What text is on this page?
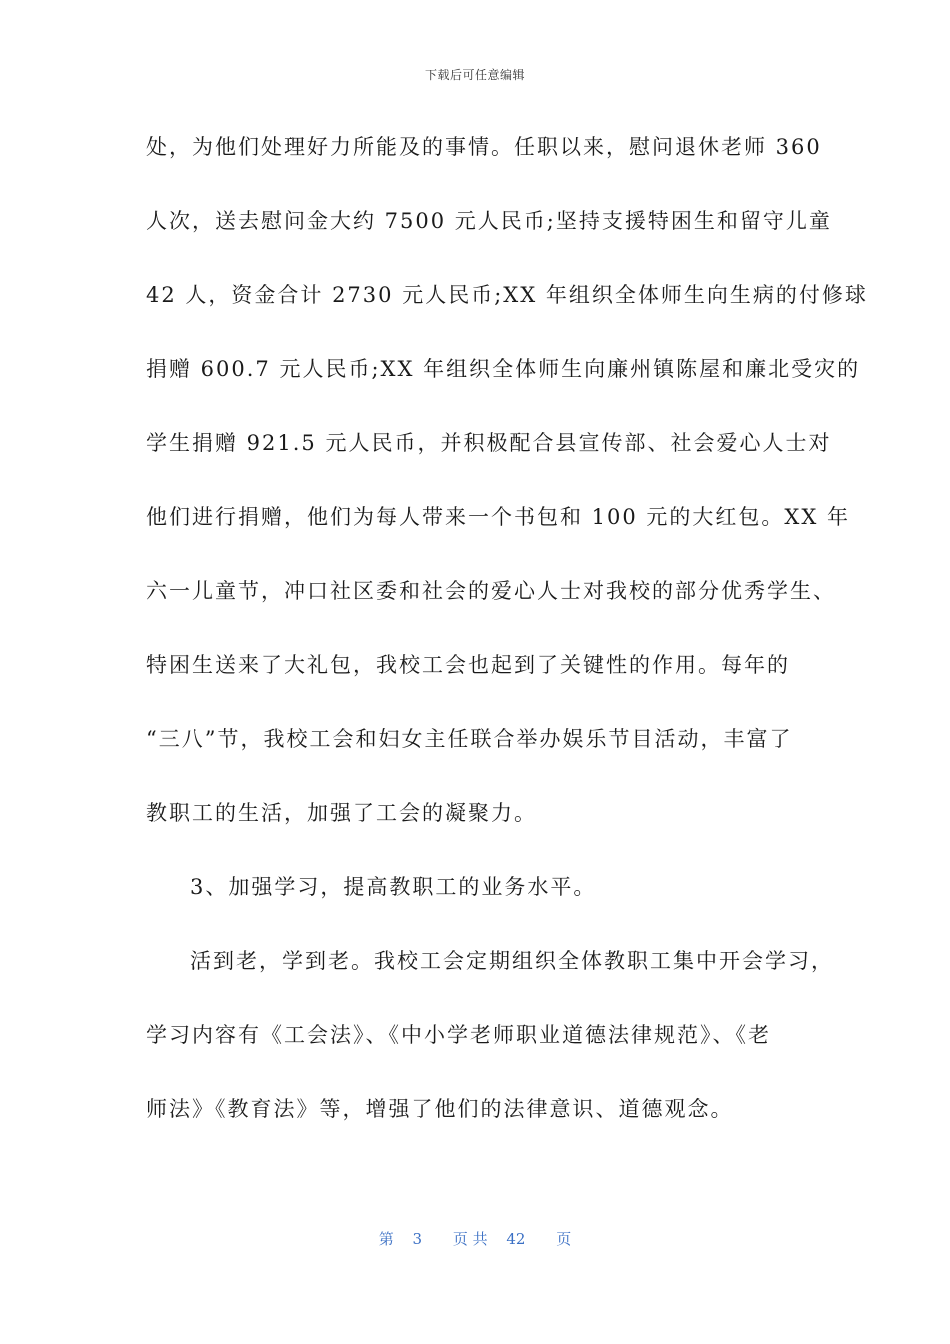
下载后可任意编辑
处，为他们处理好力所能及的事情。任职以来，慰问退休老师 360
人次，送去慰问金大约 7500 元人民币;坚持支援特困生和留守儿童
42 人，资金合计 2730 元人民币;XX 年组织全体师生向生病的付修球
捐赠 600.7 元人民币;XX 年组织全体师生向廉州镇陈屋和廉北受灾的
学生捐赠 921.5 元人民币，并积极配合县宣传部、社会爱心人士对
他们进行捐赠，他们为每人带来一个书包和 100 元的大红包。XX 年
六一儿童节，冲口社区委和社会的爱心人士对我校的部分优秀学生、
特困生送来了大礼包，我校工会也起到了关键性的作用。每年的
“三八”节，我校工会和妇女主任联合举办娱乐节目活动，丰富了
教职工的生活，加强了工会的凝聚力。
3、加强学习，提高教职工的业务水平。
活到老，学到老。我校工会定期组织全体教职工集中开会学习，
学习内容有《工会法》、《中小学老师职业道德法律规范》、《老
师法》《教育法》等，增强了他们的法律意识、道德观念。
第 3 页 共 42 页
